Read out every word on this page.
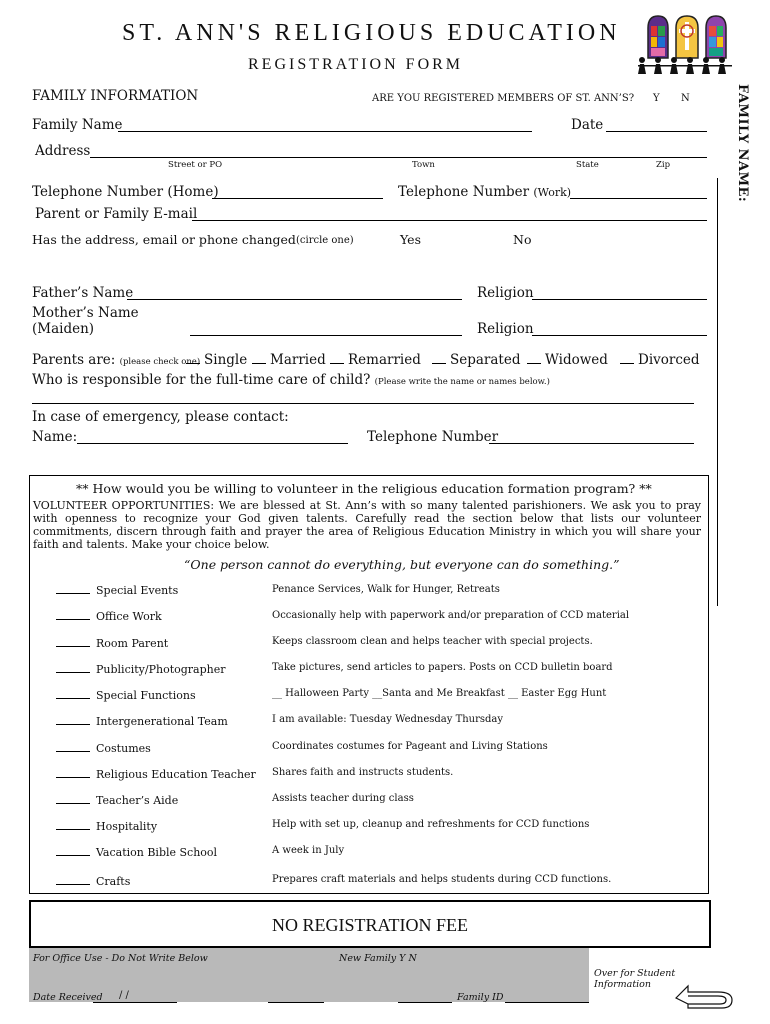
ST. ANN'S RELIGIOUS EDUCATION
REGISTRATION FORM
FAMILY NAME:
FAMILY INFORMATION	ARE YOU REGISTERED MEMBERS OF ST. ANN’S? Y N
Family Name	Date
Address
Street or PO	Town	State	Zip
Telephone Number (Home)	Telephone Number (Work)
Parent or Family E-mail
Has the address, email or phone changed (circle one)	Yes	No
Father’s Name	Religion
Mother’s Name
(Maiden)	Religion
Parents are: (please check one) Single	Married	Remarried	Separated	Widowed	Divorced
Who is responsible for the full-time care of child? (Please write the name or names below.)
In case of emergency, please contact:
Name:	Telephone Number
** How would you be willing to volunteer in the religious education formation program? **
VOLUNTEER OPPORTUNITIES: We are blessed at St. Ann’s with so many talented parishioners. We ask you to pray with openness to recognize your God given talents. Carefully read the section below that lists our volunteer commitments, discern through faith and prayer the area of Religious Education Ministry in which you will share your faith and talents. Make your choice below.
“One person cannot do everything, but everyone can do something.”
Special Events	Penance Services, Walk for Hunger, Retreats
Office Work	Occasionally help with paperwork and/or preparation of CCD material
Room Parent	Keeps classroom clean and helps teacher with special projects.
Publicity/Photographer	Take pictures, send articles to papers. Posts on CCD bulletin board
Special Functions	__ Halloween Party __Santa and Me Breakfast __ Easter Egg Hunt
Intergenerational Team	I am available: Tuesday Wednesday Thursday
Costumes	Coordinates costumes for Pageant and Living Stations
Religious Education Teacher Shares faith and instructs students.
Teacher’s Aide	Assists teacher during class
Hospitality	Help with set up, cleanup and refreshments for CCD functions
Vacation Bible School	A week in July
Crafts	Prepares craft materials and helps students during CCD functions.
NO REGISTRATION FEE
For Office Use - Do Not Write Below	New Family Y N
Date Received / /	Family ID
Over for Student
Information
